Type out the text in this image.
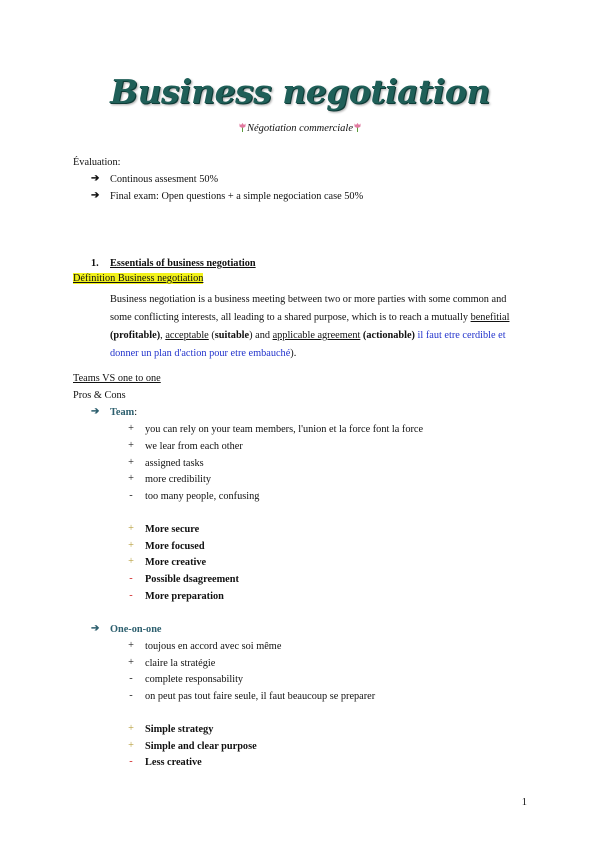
Business negotiation
Négotiation commerciale
Évaluation:
➔ Continous assesment 50%
➔ Final exam: Open questions + a simple negociation case 50%
1. Essentials of business negotiation
Définition Business negotiation
Business negotiation is a business meeting between two or more parties with some common and some conflicting interests, all leading to a shared purpose, which is to reach a mutually benefitial (profitable), acceptable (suitable) and applicable agreement (actionable) il faut etre cerdible et donner un plan d'action pour etre embauché).
Teams VS one to one
Pros & Cons
➔ Team:
+	you can rely on your team members, l'union et la force font la force
+	we lear from each other
+	assigned tasks
+	more credibility
-	too many people, confusing
+	More secure
+	More focused
+	More creative
-	Possible dsagreement
-	More preparation
➔ One-on-one
+	toujous en accord avec soi même
+	claire la stratégie
-	complete responsability
-	on peut pas tout faire seule, il faut beaucoup se preparer
+	Simple strategy
+	Simple and clear purpose
-	Less creative
1
